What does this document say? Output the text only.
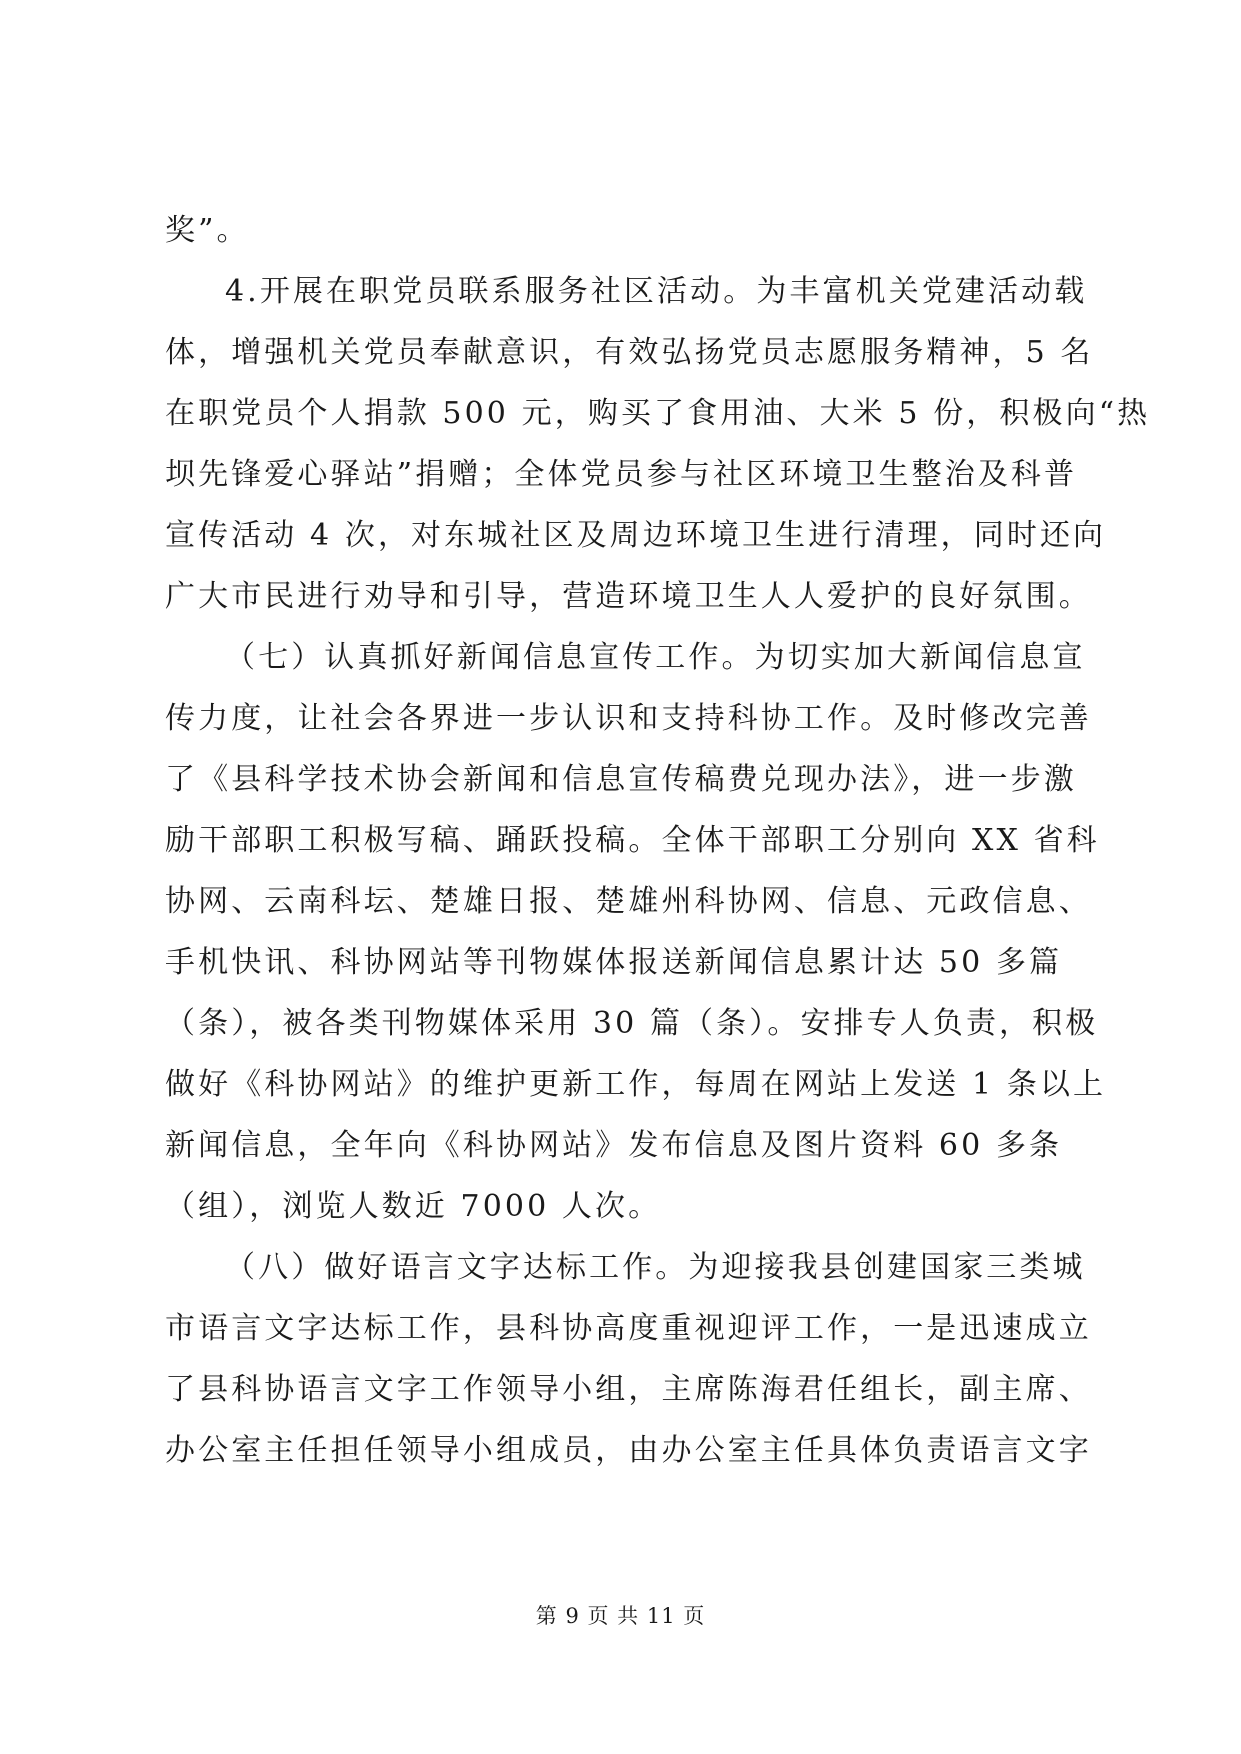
奖”。
4.开展在职党员联系服务社区活动。为丰富机关党建活动载
体，增强机关党员奉献意识，有效弘扬党员志愿服务精神，5 名
在职党员个人捐款 500 元，购买了食用油、大米 5 份，积极向“热
坝先锋爱心驿站”捐赠；全体党员参与社区环境卫生整治及科普
宣传活动 4 次，对东城社区及周边环境卫生进行清理，同时还向
广大市民进行劝导和引导，营造环境卫生人人爱护的良好氛围。
（七）认真抓好新闻信息宣传工作。为切实加大新闻信息宣
传力度，让社会各界进一步认识和支持科协工作。及时修改完善
了《县科学技术协会新闻和信息宣传稿费兑现办法》，进一步激
励干部职工积极写稿、踊跃投稿。全体干部职工分别向 XX 省科
协网、云南科坛、楚雄日报、楚雄州科协网、信息、元政信息、
手机快讯、科协网站等刊物媒体报送新闻信息累计达 50 多篇
（条），被各类刊物媒体采用 30 篇（条）。安排专人负责，积极
做好《科协网站》的维护更新工作，每周在网站上发送 1 条以上
新闻信息，全年向《科协网站》发布信息及图片资料 60 多条
（组），浏览人数近 7000 人次。
（八）做好语言文字达标工作。为迎接我县创建国家三类城
市语言文字达标工作，县科协高度重视迎评工作，一是迅速成立
了县科协语言文字工作领导小组，主席陈海君任组长，副主席、
办公室主任担任领导小组成员，由办公室主任具体负责语言文字
第 9 页 共 11 页
